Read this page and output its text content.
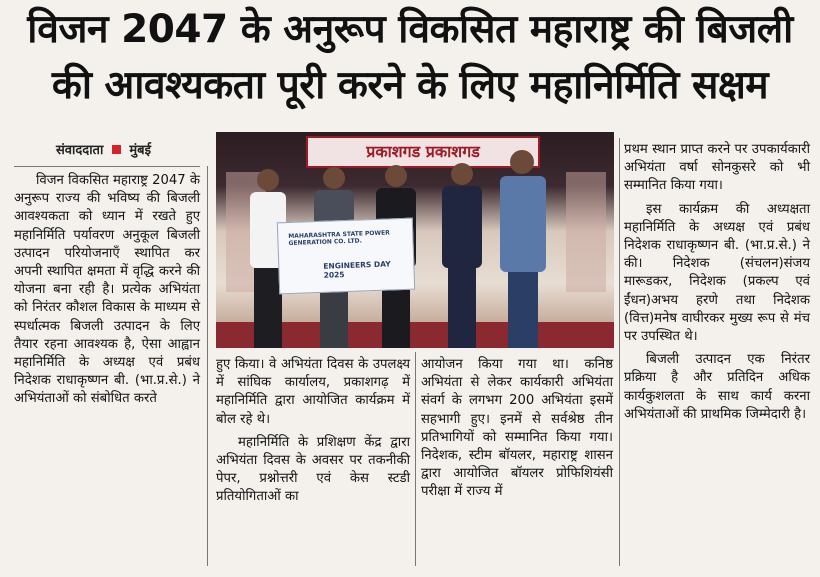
विजन 2047 के अनुरूप विकसित महाराष्ट्र की बिजली
की आवश्यकता पूरी करने के लिए महानिर्मिति सक्षम
संवाददाता मुंबई

विजन विकसित महाराष्ट्र 2047 के अनुरूप राज्य की भविष्य की बिजली आवश्यकता को ध्यान में रखते हुए महानिर्मिति पर्यावरण अनुकूल बिजली उत्पादन परियोजनाएँ स्थापित कर अपनी स्थापित क्षमता में वृद्धि करने की योजना बना रही है। प्रत्येक अभियंता को निरंतर कौशल विकास के माध्यम से स्पर्धात्मक बिजली उत्पादन के लिए तैयार रहना आवश्यक है, ऐसा आह्वान महानिर्मिति के अध्यक्ष एवं प्रबंध निदेशक राधाकृष्णन बी. (भा.प्र.से.) ने अभियंताओं को संबोधित करते

प्रकाशगड प्रकाशगड
MAHARASHTRA STATE POWER GENERATION CO. LTD.
ENGINEERS DAY 2025

हुए किया। वे अभियंता दिवस के उपलक्ष्य में सांघिक कार्यालय, प्रकाशगढ़ में महानिर्मिति द्वारा आयोजित कार्यक्रम में बोल रहे थे।

महानिर्मिति के प्रशिक्षण केंद्र द्वारा अभियंता दिवस के अवसर पर तकनीकी पेपर, प्रश्नोत्तरी एवं केस स्टडी प्रतियोगिताओं का

आयोजन किया गया था। कनिष्ठ अभियंता से लेकर कार्यकारी अभियंता संवर्ग के लगभग 200 अभियंता इसमें सहभागी हुए। इनमें से सर्वश्रेष्ठ तीन प्रतिभागियों को सम्मानित किया गया। निदेशक, स्टीम बॉयलर, महाराष्ट्र शासन द्वारा आयोजित बॉयलर प्रोफिशियंसी परीक्षा में राज्य में

प्रथम स्थान प्राप्त करने पर उपकार्यकारी अभियंता वर्षा सोनकुसरे को भी सम्मानित किया गया।

इस कार्यक्रम की अध्यक्षता महानिर्मिति के अध्यक्ष एवं प्रबंध निदेशक राधाकृष्णन बी. (भा.प्र.से.) ने की। निदेशक (संचलन)संजय मारूडकर, निदेशक (प्रकल्प एवं ईंधन)अभय हरणे तथा निदेशक (वित्त)मनेष वाघीरकर मुख्य रूप से मंच पर उपस्थित थे।

बिजली उत्पादन एक निरंतर प्रक्रिया है और प्रतिदिन अधिक कार्यकुशलता के साथ कार्य करना अभियंताओं की प्राथमिक जिम्मेदारी है।
